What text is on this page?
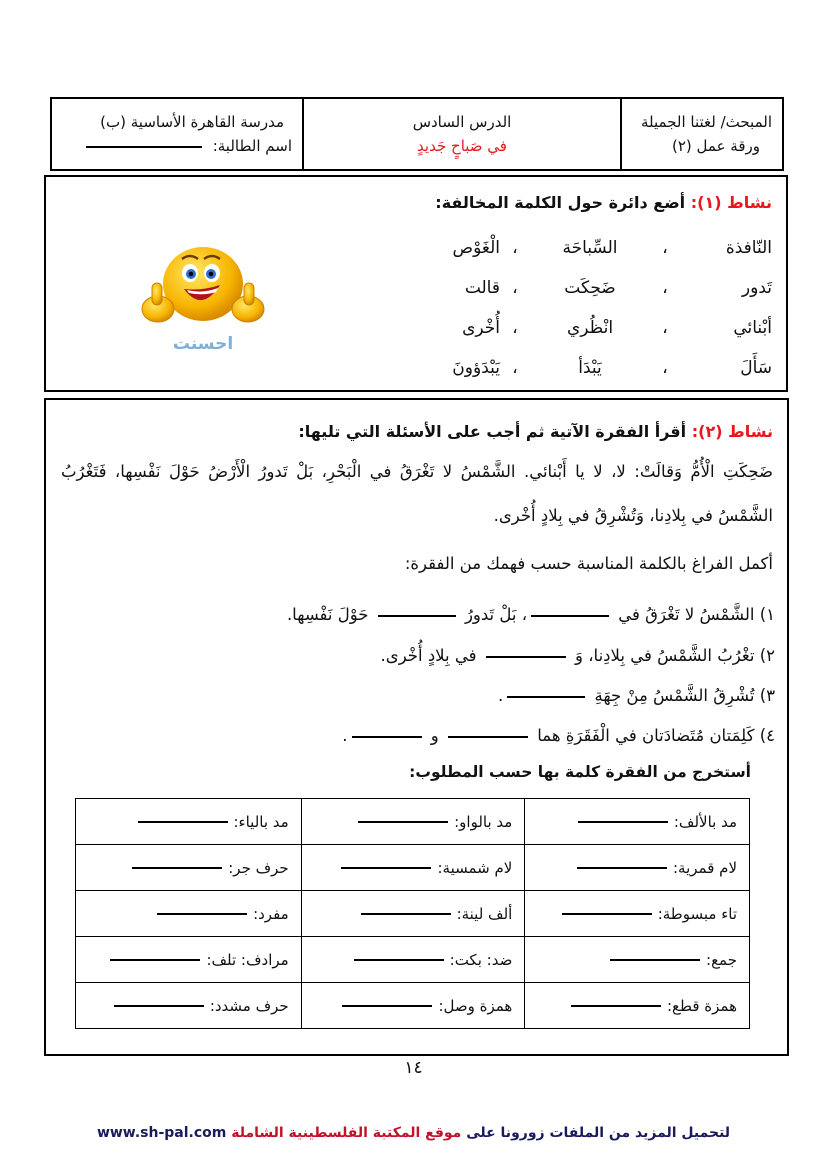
المبحث/ لغتنا الجميلة
ورقة عمل (٢)
الدرس السادس
في صَباحٍ جَديدٍ
مدرسة القاهرة الأساسية (ب)
اسم الطالبة:
نشاط (١): أضع دائرة حول الكلمة المخالفة:
النّافذة
،
السِّباحَة
،
الْغَوْص
تَدور
،
ضَحِكَت
،
قالت
أبْنائي
،
انْظُري
،
أُخْرى
سَأَلَ
،
يَبْدَأ
،
يَبْدَؤونَ
احسنت
نشاط (٢): أقرأ الفقرة الآتية ثم أجب على الأسئلة التي تليها:
ضَحِكَتِ الْأُمُّ وَقالَتْ: لا، لا يا أَبْنائي. الشَّمْسُ لا تَغْرَقُ في الْبَحْرِ، بَلْ تَدورُ الْأَرْضُ حَوْلَ نَفْسِها، فَتَغْرُبُ الشَّمْسُ في بِلادِنا، وَتُشْرِقُ في بِلادٍ أُخْرى.
أكمل الفراغ بالكلمة المناسبة حسب فهمك من الفقرة:
١) الشَّمْسُ لا تَغْرَقُ في ، بَلْ تَدورُ  حَوْلَ نَفْسِها.
٢) تغْرُبُ الشَّمْسُ في بِلادِنا، وَ  في بِلادٍ أُخْرى.
٣) تُشْرِقُ الشَّمْسُ مِنْ جِهَةِ .
٤) كَلِمَتان مُتَضادَتان في الْفَقَرَةِ هما  و .
أستخرج من الفقرة كلمة بها حسب المطلوب:
مد بالألف:	مد بالواو:	مد بالياء:
لام قمرية:	لام شمسية:	حرف جر:
تاء مبسوطة:	ألف لينة:	مفرد:
جمع:	ضد: بكت:	مرادف: تلف:
همزة قطع:	همزة وصل:	حرف مشدد:
١٤
لتحميل المزيد من الملفات زورونا على موقع المكتبة الفلسطينية الشاملة www.sh-pal.com
